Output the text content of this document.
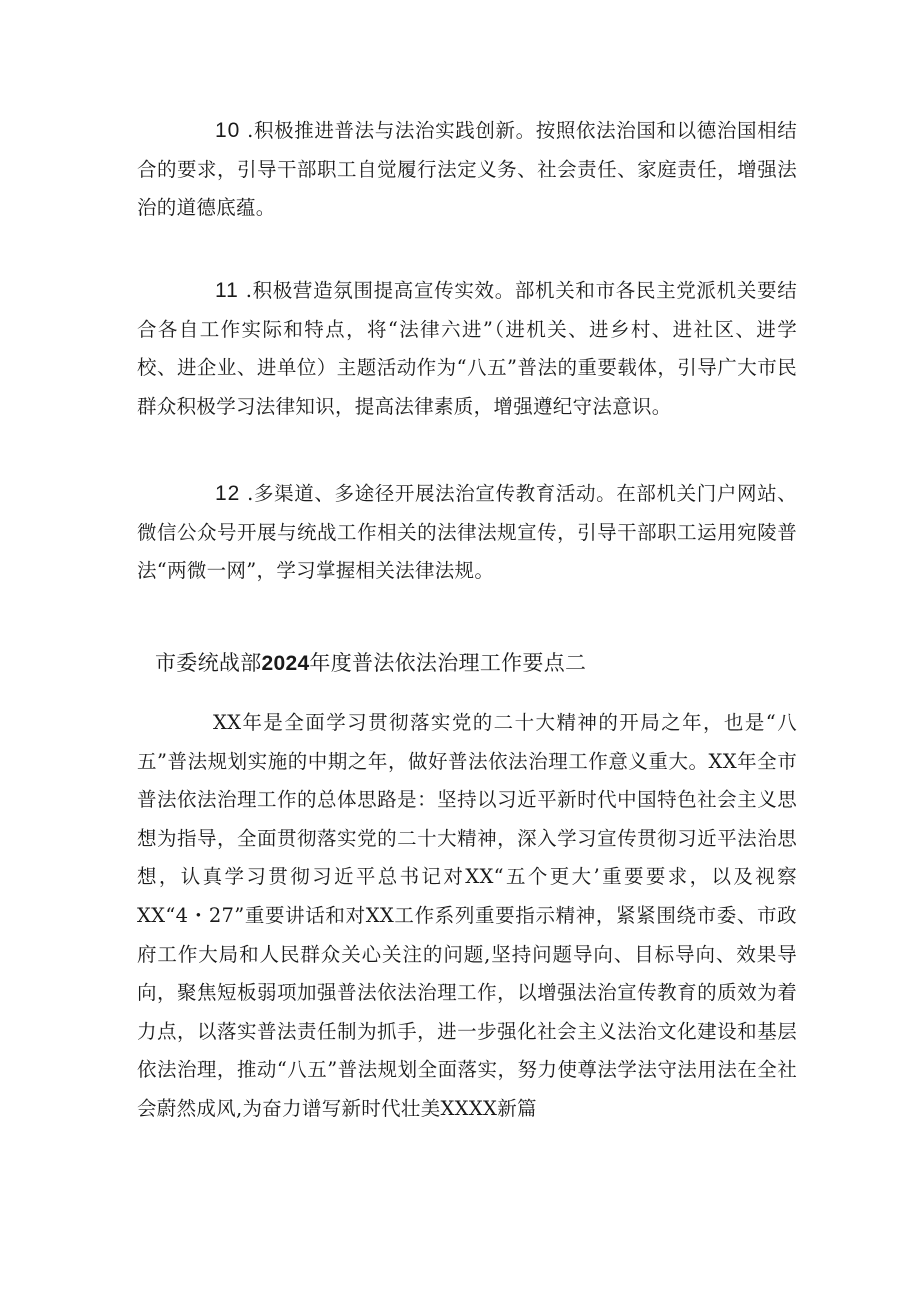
10 .积极推进普法与法治实践创新。按照依法治国和以德治国相结合的要求，引导干部职工自觉履行法定义务、社会责任、家庭责任，增强法治的道德底蕴。

11 .积极营造氛围提高宣传实效。部机关和市各民主党派机关要结合各自工作实际和特点，将“法律六进”（进机关、进乡村、进社区、进学校、进企业、进单位）主题活动作为“八五”普法的重要载体，引导广大市民群众积极学习法律知识，提高法律素质，增强遵纪守法意识。

12 .多渠道、多途径开展法治宣传教育活动。在部机关门户网站、微信公众号开展与统战工作相关的法律法规宣传，引导干部职工运用宛陵普法“两微一网”，学习掌握相关法律法规。

市委统战部2024年度普法依法治理工作要点二

XX年是全面学习贯彻落实党的二十大精神的开局之年，也是“八五”普法规划实施的中期之年，做好普法依法治理工作意义重大。XX年全市普法依法治理工作的总体思路是：坚持以习近平新时代中国特色社会主义思想为指导，全面贯彻落实党的二十大精神，深入学习宣传贯彻习近平法治思想，认真学习贯彻习近平总书记对XX“五个更大’重要要求，以及视察XX“4・27”重要讲话和对XX工作系列重要指示精神，紧紧围绕市委、市政府工作大局和人民群众关心关注的问题,坚持问题导向、目标导向、效果导向，聚焦短板弱项加强普法依法治理工作，以增强法治宣传教育的质效为着力点，以落实普法责任制为抓手，进一步强化社会主义法治文化建设和基层依法治理，推动“八五”普法规划全面落实，努力使尊法学法守法用法在全社会蔚然成风,为奋力谱写新时代壮美XXXX新篇
